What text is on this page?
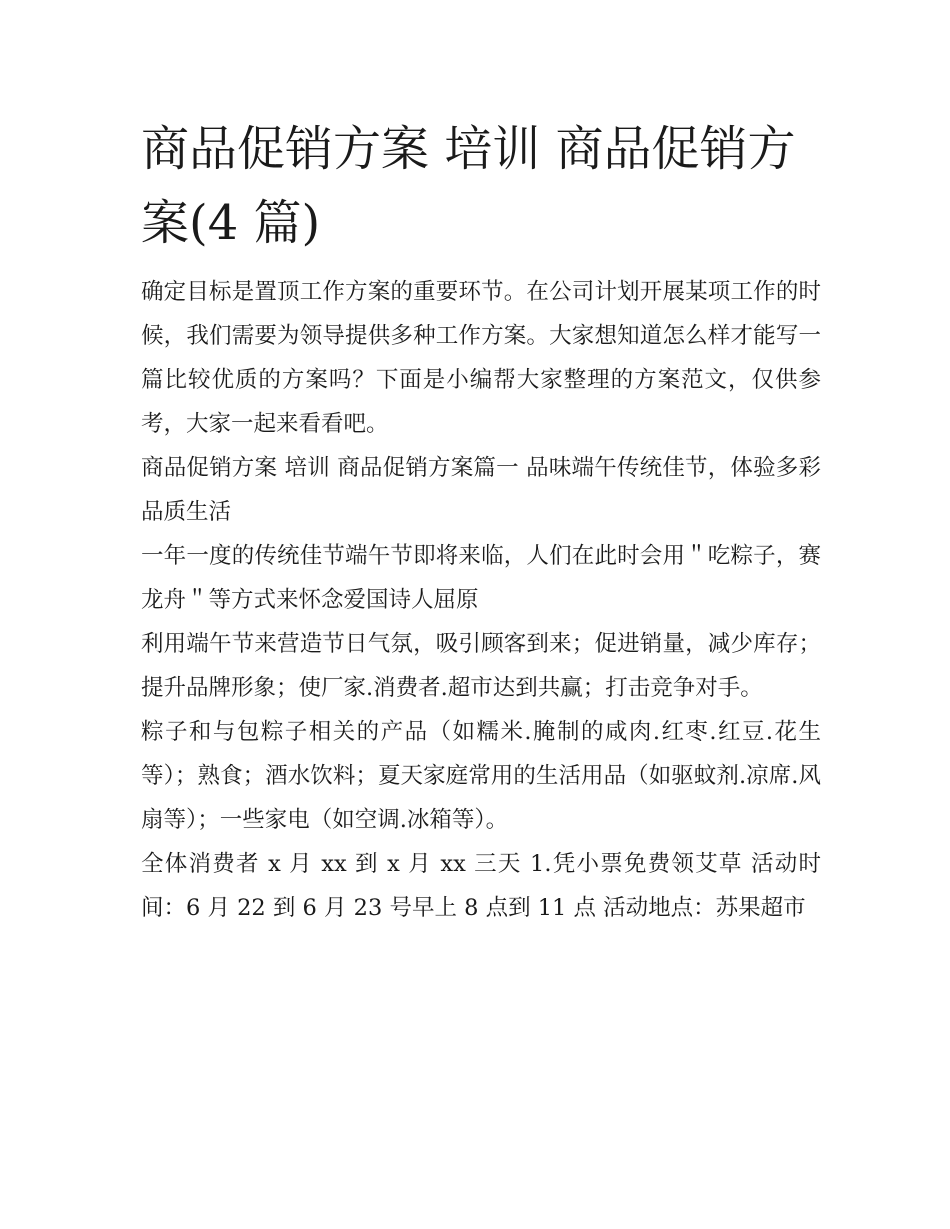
商品促销方案 培训 商品促销方案(4 篇)

确定目标是置顶工作方案的重要环节。在公司计划开展某项工作的时候，我们需要为领导提供多种工作方案。大家想知道怎么样才能写一篇比较优质的方案吗？下面是小编帮大家整理的方案范文，仅供参考，大家一起来看看吧。

商品促销方案 培训 商品促销方案篇一 品味端午传统佳节，体验多彩品质生活

一年一度的传统佳节端午节即将来临，人们在此时会用＂吃粽子，赛龙舟＂等方式来怀念爱国诗人屈原

利用端午节来营造节日气氛，吸引顾客到来；促进销量，减少库存；提升品牌形象；使厂家.消费者.超市达到共赢；打击竞争对手。

粽子和与包粽子相关的产品（如糯米.腌制的咸肉.红枣.红豆.花生等）；熟食；酒水饮料；夏天家庭常用的生活用品（如驱蚊剂.凉席.风扇等）；一些家电（如空调.冰箱等）。

全体消费者 x 月 xx 到 x 月 xx 三天 1.凭小票免费领艾草 活动时间：6 月 22 到 6 月 23 号早上 8 点到 11 点 活动地点：苏果超市
